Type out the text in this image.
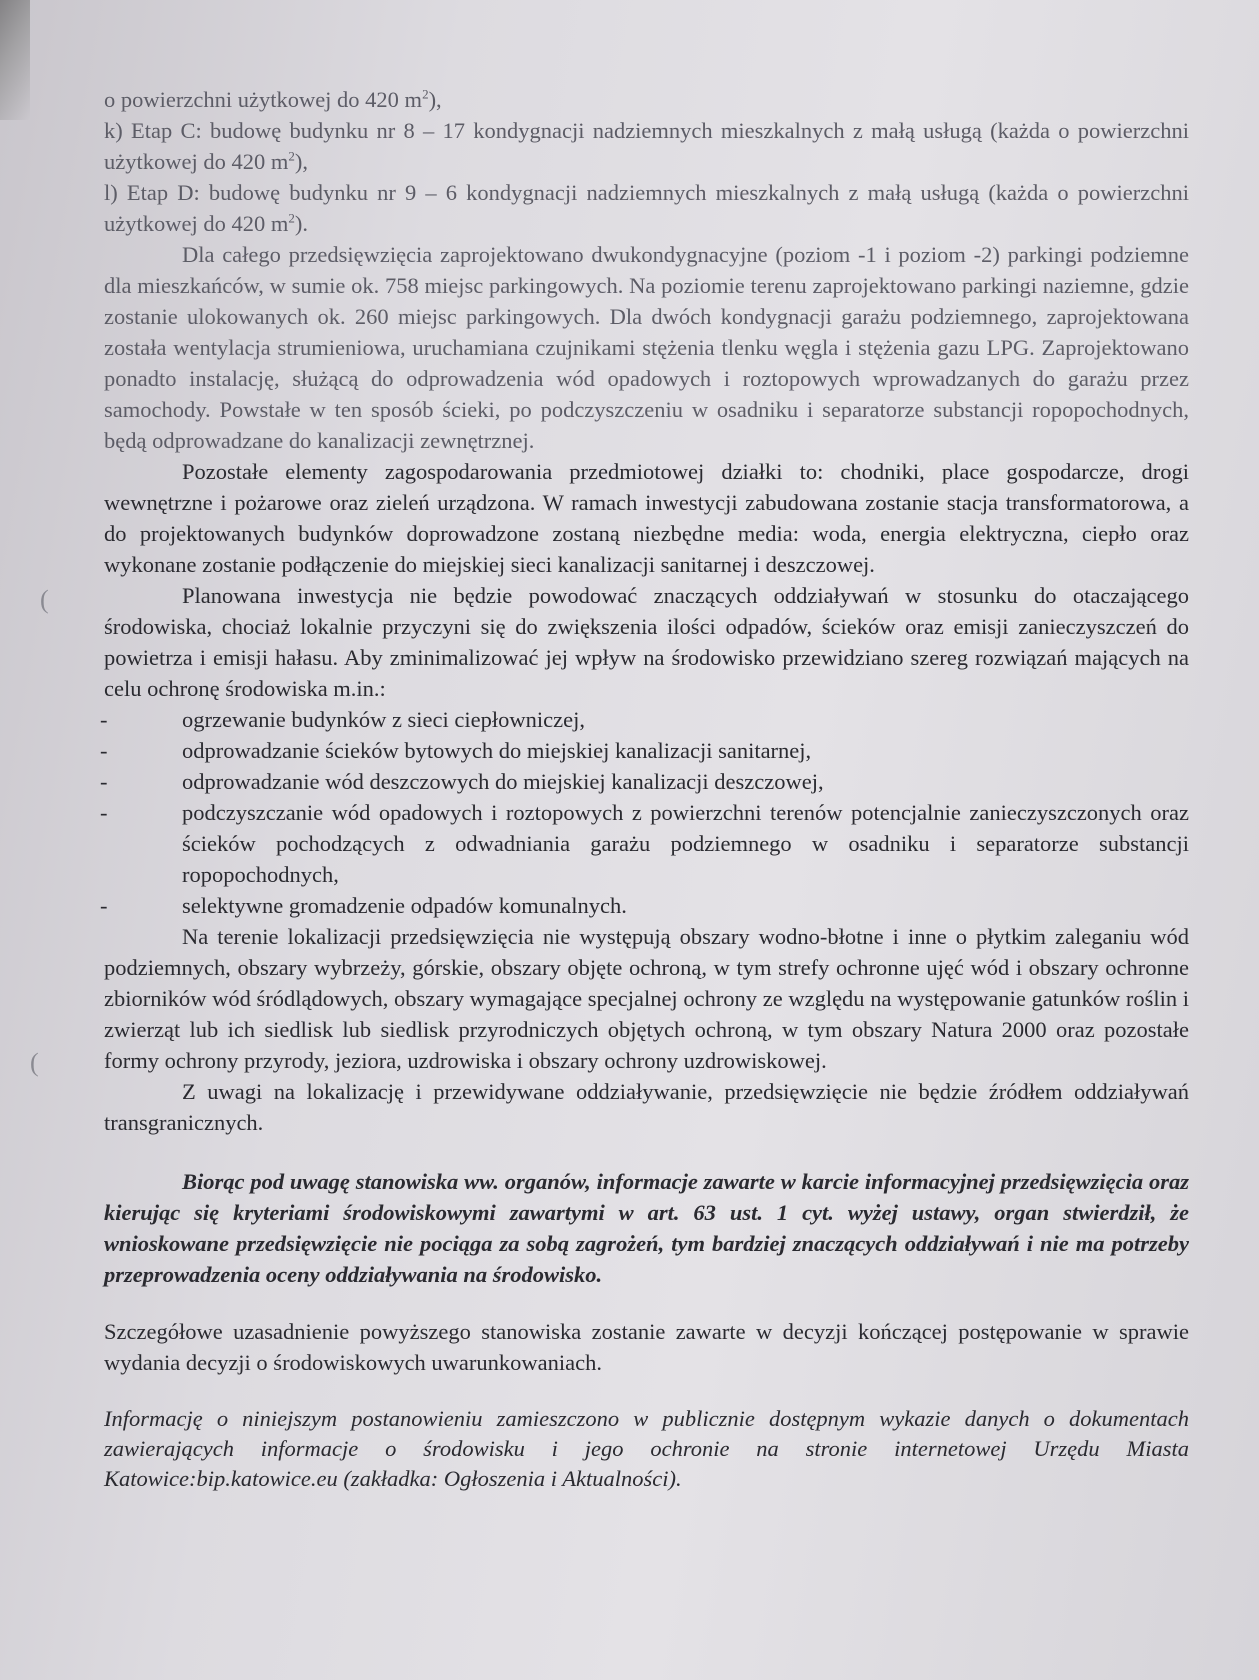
(
(

o powierzchni użytkowej do 420 $m^2$),

k) Etap C: budowę budynku nr 8 – 17 kondygnacji nadziemnych mieszkalnych z małą usługą (każda o powierzchni użytkowej do 420 $m^2$),

l) Etap D: budowę budynku nr 9 – 6 kondygnacji nadziemnych mieszkalnych z małą usługą (każda o powierzchni użytkowej do 420 $m^2$).

Dla całego przedsięwzięcia zaprojektowano dwukondygnacyjne (poziom -1 i poziom -2) parkingi podziemne dla mieszkańców, w sumie ok. 758 miejsc parkingowych. Na poziomie terenu zaprojektowano parkingi naziemne, gdzie zostanie ulokowanych ok. 260 miejsc parkingowych. Dla dwóch kondygnacji garażu podziemnego, zaprojektowana została wentylacja strumieniowa, uruchamiana czujnikami stężenia tlenku węgla i stężenia gazu LPG. Zaprojektowano ponadto instalację, służącą do odprowadzenia wód opadowych i roztopowych wprowadzanych do garażu przez samochody. Powstałe w ten sposób ścieki, po podczyszczeniu w osadniku i separatorze substancji ropopochodnych, będą odprowadzane do kanalizacji zewnętrznej.

Pozostałe elementy zagospodarowania przedmiotowej działki to: chodniki, place gospodarcze, drogi wewnętrzne i pożarowe oraz zieleń urządzona. W ramach inwestycji zabudowana zostanie stacja transformatorowa, a do projektowanych budynków doprowadzone zostaną niezbędne media: woda, energia elektryczna, ciepło oraz wykonane zostanie podłączenie do miejskiej sieci kanalizacji sanitarnej i deszczowej.

Planowana inwestycja nie będzie powodować znaczących oddziaływań w stosunku do otaczającego środowiska, chociaż lokalnie przyczyni się do zwiększenia ilości odpadów, ścieków oraz emisji zanieczyszczeń do powietrza i emisji hałasu. Aby zminimalizować jej wpływ na środowisko przewidziano szereg rozwiązań mających na celu ochronę środowiska m.in.:

-	ogrzewanie budynków z sieci ciepłowniczej,
-	odprowadzanie ścieków bytowych do miejskiej kanalizacji sanitarnej,
-	odprowadzanie wód deszczowych do miejskiej kanalizacji deszczowej,
-	podczyszczanie wód opadowych i roztopowych z powierzchni terenów potencjalnie zanieczyszczonych oraz ścieków pochodzących z odwadniania garażu podziemnego w osadniku i separatorze substancji ropopochodnych,
-	selektywne gromadzenie odpadów komunalnych.

Na terenie lokalizacji przedsięwzięcia nie występują obszary wodno-błotne i inne o płytkim zaleganiu wód podziemnych, obszary wybrzeży, górskie, obszary objęte ochroną, w tym strefy ochronne ujęć wód i obszary ochronne zbiorników wód śródlądowych, obszary wymagające specjalnej ochrony ze względu na występowanie gatunków roślin i zwierząt lub ich siedlisk lub siedlisk przyrodniczych objętych ochroną, w tym obszary Natura 2000 oraz pozostałe formy ochrony przyrody, jeziora, uzdrowiska i obszary ochrony uzdrowiskowej.

Z uwagi na lokalizację i przewidywane oddziaływanie, przedsięwzięcie nie będzie źródłem oddziaływań transgranicznych.

Biorąc pod uwagę stanowiska ww. organów, informacje zawarte w karcie informacyjnej przedsięwzięcia oraz kierując się kryteriami środowiskowymi zawartymi w art. 63 ust. 1 cyt. wyżej ustawy, organ stwierdził, że wnioskowane przedsięwzięcie nie pociąga za sobą zagrożeń, tym bardziej znaczących oddziaływań i nie ma potrzeby przeprowadzenia oceny oddziaływania na środowisko.

Szczegółowe uzasadnienie powyższego stanowiska zostanie zawarte w decyzji kończącej postępowanie w sprawie wydania decyzji o środowiskowych uwarunkowaniach.

Informację o niniejszym postanowieniu zamieszczono w publicznie dostępnym wykazie danych o dokumentach zawierających informacje o środowisku i jego ochronie na stronie internetowej Urzędu Miasta Katowice:bip.katowice.eu (zakładka: Ogłoszenia i Aktualności).
